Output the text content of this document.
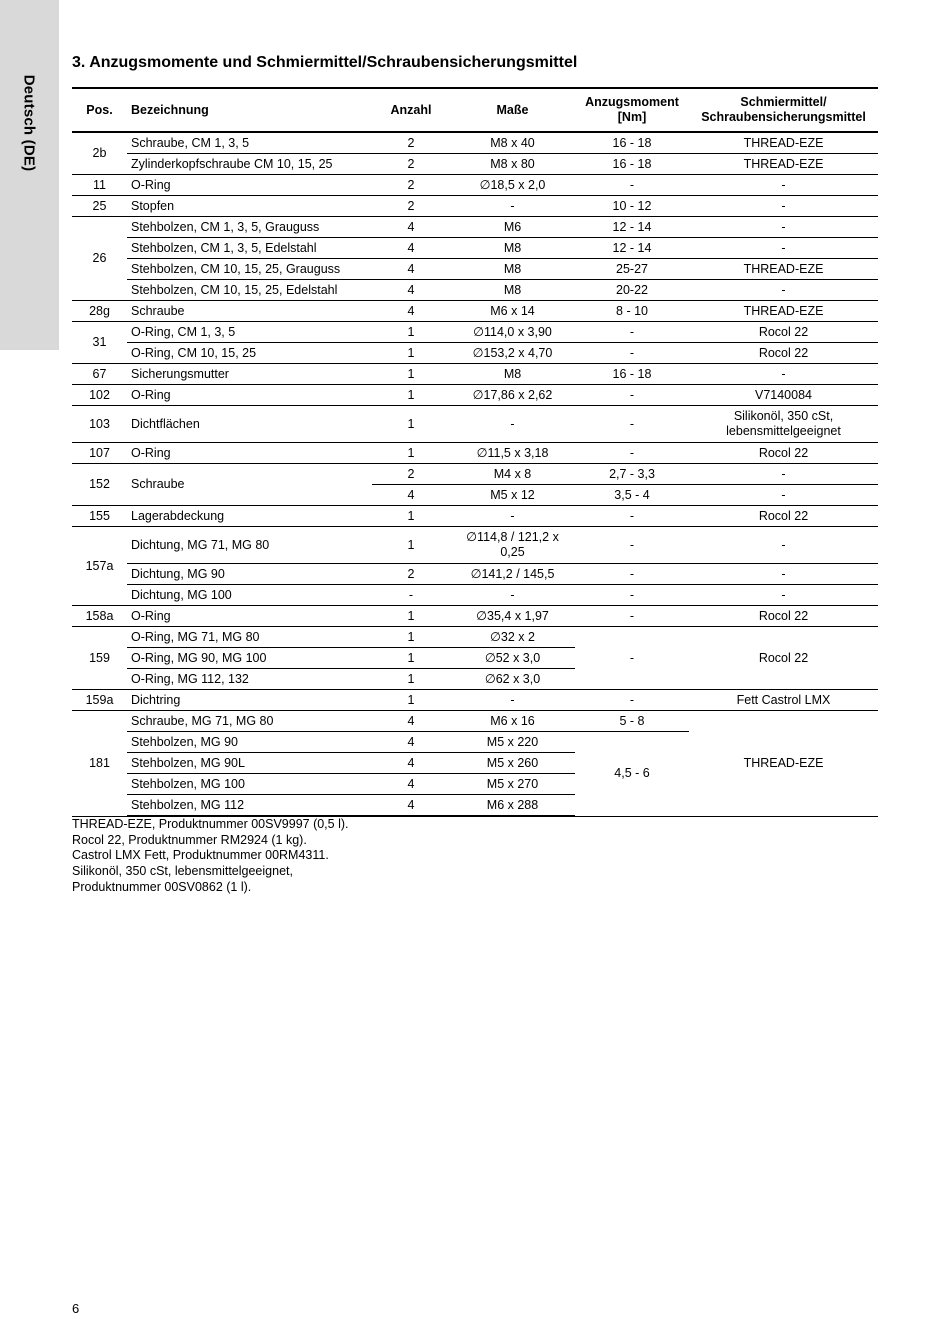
Deutsch (DE)
3. Anzugsmomente und Schmiermittel/Schraubensicherungsmittel
Pos.	Bezeichnung	Anzahl	Maße	Anzugsmoment
[Nm]	Schmiermittel/
Schraubensicherungsmittel
2b	Schraube, CM 1, 3, 5	2	M8 x 40	16 - 18	THREAD-EZE
	Zylinderkopfschraube CM 10, 15, 25	2	M8 x 80	16 - 18	THREAD-EZE
11	O-Ring	2	∅18,5 x 2,0	-	-
25	Stopfen	2	-	10 - 12	-
26	Stehbolzen, CM 1, 3, 5, Grauguss	4	M6	12 - 14	-
	Stehbolzen, CM 1, 3, 5, Edelstahl	4	M8	12 - 14	-
	Stehbolzen, CM 10, 15, 25, Grauguss	4	M8	25-27	THREAD-EZE
	Stehbolzen, CM 10, 15, 25, Edelstahl	4	M8	20-22	-
28g	Schraube	4	M6 x 14	8 - 10	THREAD-EZE
31	O-Ring, CM 1, 3, 5	1	∅114,0 x 3,90	-	Rocol 22
	O-Ring, CM 10, 15, 25	1	∅153,2 x 4,70	-	Rocol 22
67	Sicherungsmutter	1	M8	16 - 18	-
102	O-Ring	1	∅17,86 x 2,62	-	V7140084
103	Dichtflächen	1	-	-	Silikonöl, 350 cSt,
lebensmittelgeeignet
107	O-Ring	1	∅11,5 x 3,18	-	Rocol 22
152	Schraube	2	M4 x 8	2,7 - 3,3	-
		4	M5 x 12	3,5 - 4	-
155	Lagerabdeckung	1	-	-	Rocol 22
157a	Dichtung, MG 71, MG 80	1	∅114,8 / 121,2 x
0,25	-	-
	Dichtung, MG 90	2	∅141,2 / 145,5	-	-
	Dichtung, MG 100	-	-	-	-
158a	O-Ring	1	∅35,4 x 1,97	-	Rocol 22
159	O-Ring, MG 71, MG 80	1	∅32 x 2	-	Rocol 22
	O-Ring, MG 90, MG 100	1	∅52 x 3,0		
	O-Ring, MG 112, 132	1	∅62 x 3,0		
159a	Dichtring	1	-	-	Fett Castrol LMX
181	Schraube, MG 71, MG 80	4	M6 x 16	5 - 8	THREAD-EZE
	Stehbolzen, MG 90	4	M5 x 220	4,5 - 6	
	Stehbolzen, MG 90L	4	M5 x 260		
	Stehbolzen, MG 100	4	M5 x 270		
	Stehbolzen, MG 112	4	M6 x 288		
THREAD-EZE, Produktnummer 00SV9997 (0,5 l).
Rocol 22, Produktnummer RM2924 (1 kg).
Castrol LMX Fett, Produktnummer 00RM4311.
Silikonöl, 350 cSt, lebensmittelgeeignet,
Produktnummer 00SV0862 (1 l).
6
